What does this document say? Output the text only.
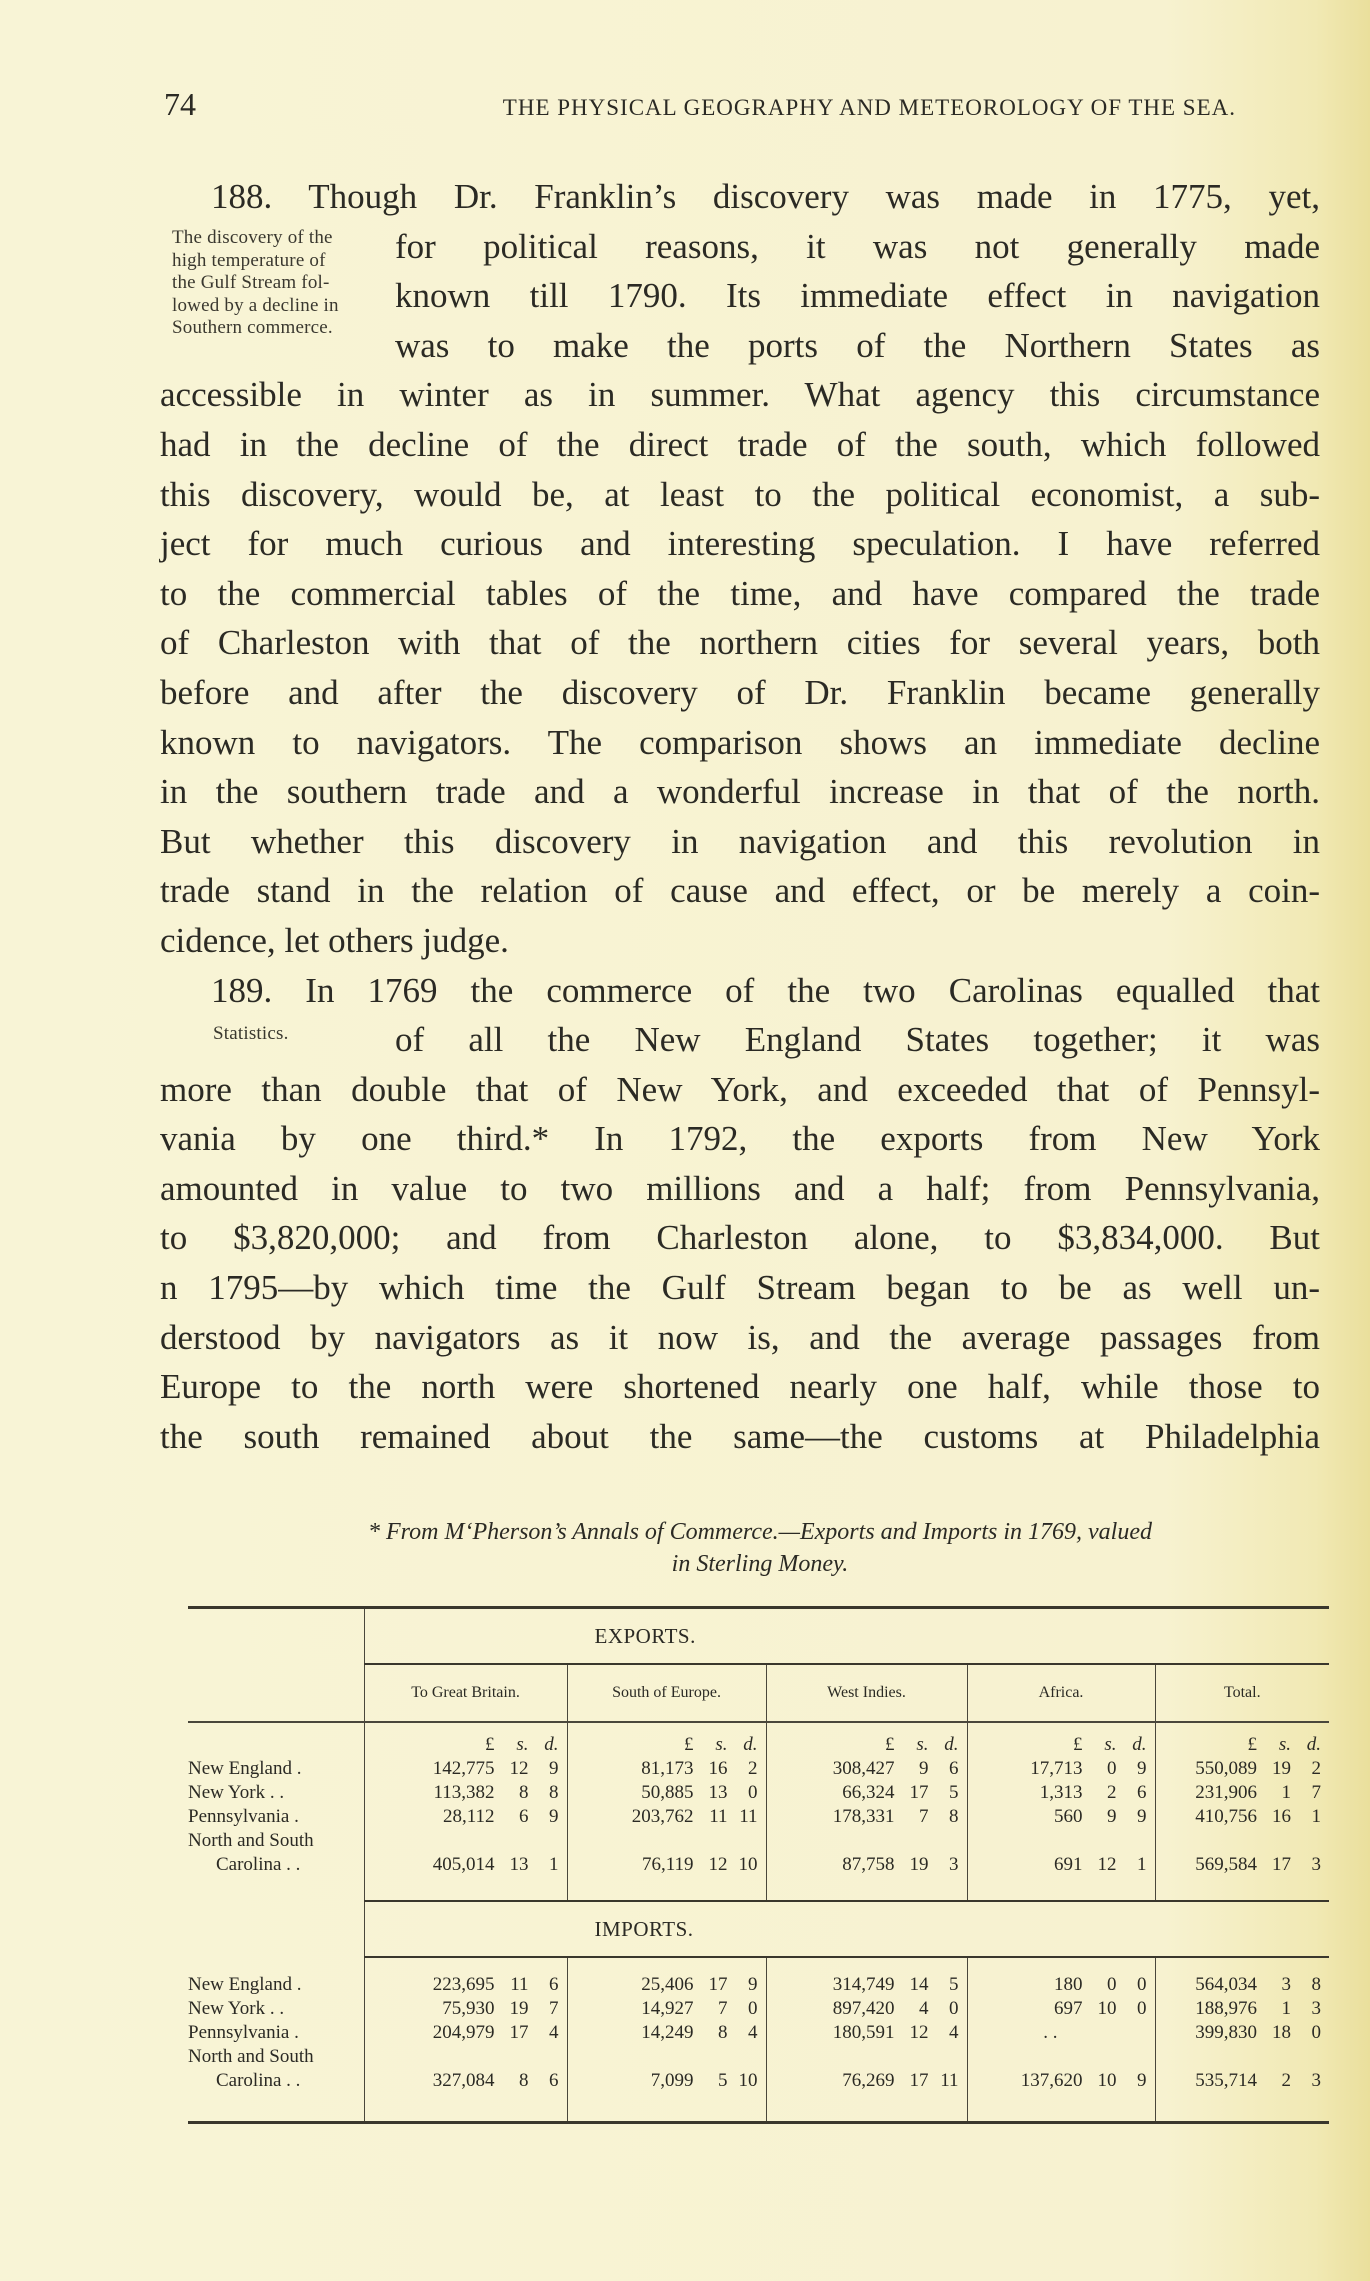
74	THE PHYSICAL GEOGRAPHY AND METEOROLOGY OF THE SEA.
The discovery of the
high temperature of
the Gulf Stream fol-
lowed by a decline in
Southern commerce.
Statistics.
188. Though Dr. Franklin’s discovery was made in 1775, yet,
for political reasons, it was not generally made
known till 1790. Its immediate effect in navigation
was to make the ports of the Northern States as
accessible in winter as in summer. What agency this circumstance
had in the decline of the direct trade of the south, which followed
this discovery, would be, at least to the political economist, a sub-
ject for much curious and interesting speculation. I have referred
to the commercial tables of the time, and have compared the trade
of Charleston with that of the northern cities for several years, both
before and after the discovery of Dr. Franklin became generally
known to navigators. The comparison shows an immediate decline
in the southern trade and a wonderful increase in that of the north.
But whether this discovery in navigation and this revolution in
trade stand in the relation of cause and effect, or be merely a coin-
cidence, let others judge.
189. In 1769 the commerce of the two Carolinas equalled that
of all the New England States together; it was
more than double that of New York, and exceeded that of Pennsyl-
vania by one third.* In 1792, the exports from New York
amounted in value to two millions and a half; from Pennsylvania,
to $3,820,000; and from Charleston alone, to $3,834,000. But
n 1795—by which time the Gulf Stream began to be as well un-
derstood by navigators as it now is, and the average passages from
Europe to the north were shortened nearly one half, while those to
the south remained about the same—the customs at Philadelphia
* From M‘Pherson’s Annals of Commerce.—Exports and Imports in 1769, valued
in Sterling Money.
	EXPORTS.				
	To Great Britain.	South of Europe.	West Indies.	Africa.	Total.
	£ s. d.	£ s. d.	£ s. d.	£ s. d.	£ s. d.

New England .	142,775 12 9	81,173 16 2	308,427 9 6	17,713 0 9	550,089 19 2

New York . .	113,382 8 8	50,885 13 0	66,324 17 5	1,313 2 6	231,906 1 7

Pennsylvania .	28,112 6 9	203,762 11 11	178,331 7 8	560 9 9	410,756 16 1

North and South
Carolina . .	405,014 13 1	76,119 12 10	87,758 19 3	691 12 1	569,584 17 3

	IMPORTS.				

New England .	223,695 11 6	25,406 17 9	314,749 14 5	180 0 0	564,034 3 8

New York . .	75,930 19 7	14,927 7 0	897,420 4 0	697 10 0	188,976 1 3

Pennsylvania .	204,979 17 4	14,249 8 4	180,591 12 4	. .	399,830 18 0

North and South
Carolina . .	327,084 8 6	7,099 5 10	76,269 17 11	137,620 10 9	535,714 2 3
